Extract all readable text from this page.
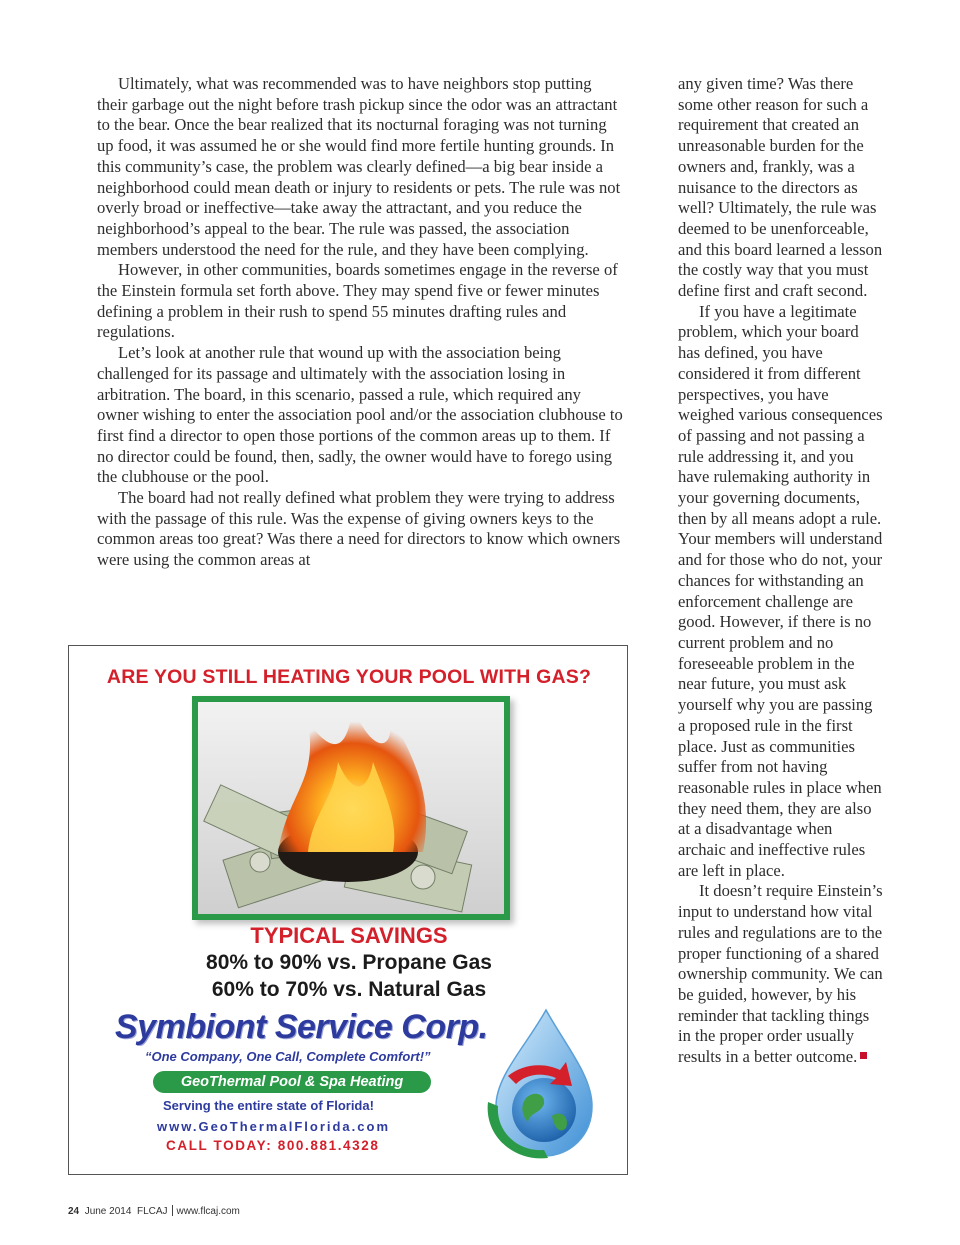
Ultimately, what was recommended was to have neighbors stop putting their garbage out the night before trash pickup since the odor was an attractant to the bear. Once the bear realized that its nocturnal foraging was not turning up food, it was assumed he or she would find more fertile hunting grounds. In this community’s case, the problem was clearly defined—a big bear inside a neighborhood could mean death or injury to residents or pets. The rule was not overly broad or ineffective—take away the attractant, and you reduce the neighborhood’s appeal to the bear. The rule was passed, the association members understood the need for the rule, and they have been complying.

However, in other communities, boards sometimes engage in the reverse of the Einstein formula set forth above. They may spend five or fewer minutes defining a problem in their rush to spend 55 minutes drafting rules and regulations.

Let’s look at another rule that wound up with the association being challenged for its passage and ultimately with the association losing in arbitration. The board, in this scenario, passed a rule, which required any owner wishing to enter the association pool and/or the association clubhouse to first find a director to open those portions of the common areas up to them. If no director could be found, then, sadly, the owner would have to forego using the clubhouse or the pool.

The board had not really defined what problem they were trying to address with the passage of this rule. Was the expense of giving owners keys to the common areas too great? Was there a need for directors to know which owners were using the common areas at

any given time? Was there some other reason for such a requirement that created an unreasonable burden for the owners and, frankly, was a nuisance to the directors as well? Ultimately, the rule was deemed to be unenforceable, and this board learned a lesson the costly way that you must define first and craft second.

If you have a legitimate problem, which your board has defined, you have considered it from different perspectives, you have weighed various consequences of passing and not passing a rule addressing it, and you have rulemaking authority in your governing documents, then by all means adopt a rule. Your members will understand and for those who do not, your chances for withstanding an enforcement challenge are good. However, if there is no current problem and no foreseeable problem in the near future, you must ask yourself why you are passing a proposed rule in the first place. Just as communities suffer from not having reasonable rules in place when they need them, they are also at a disadvantage when archaic and ineffective rules are left in place.

It doesn’t require Einstein’s input to understand how vital rules and regulations are to the proper functioning of a shared ownership community. We can be guided, however, by his reminder that tackling things in the proper order usually results in a better outcome.

ARE YOU STILL HEATING YOUR POOL WITH GAS?
TYPICAL SAVINGS
80% to 90% vs. Propane Gas
60% to 70% vs. Natural Gas
Symbiont Service Corp.
“One Company, One Call, Complete Comfort!”
GeoThermal Pool & Spa Heating
Serving the entire state of Florida!
www.GeoThermalFlorida.com
CALL TODAY: 800.881.4328
24 June 2014 FLCAJ www.flcaj.com
